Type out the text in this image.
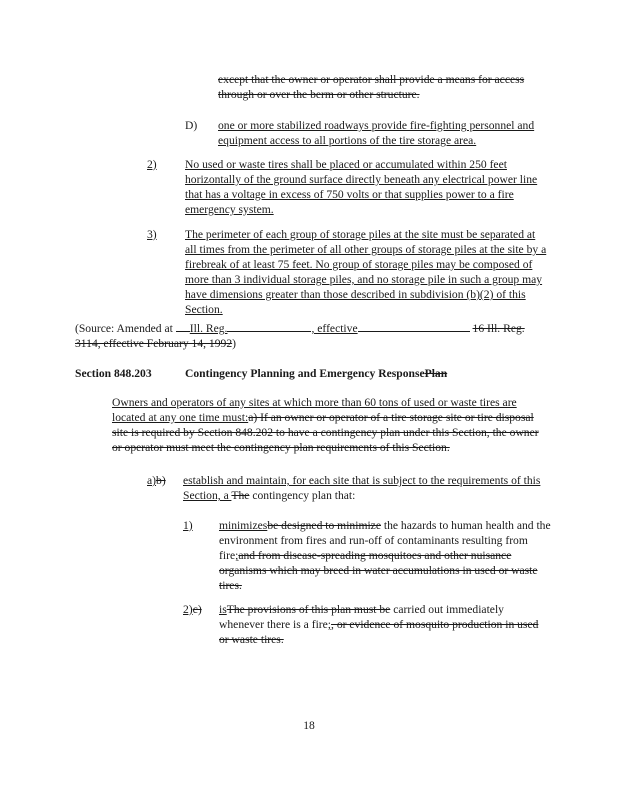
except that the owner or operator shall provide a means for access through or over the berm or other structure.
D) one or more stabilized roadways provide fire-fighting personnel and equipment access to all portions of the tire storage area.
2) No used or waste tires shall be placed or accumulated within 250 feet horizontally of the ground surface directly beneath any electrical power line that has a voltage in excess of 750 volts or that supplies power to a fire emergency system.
3) The perimeter of each group of storage piles at the site must be separated at all times from the perimeter of all other groups of storage piles at the site by a firebreak of at least 75 feet. No group of storage piles may be composed of more than 3 individual storage piles, and no storage pile in such a group may have dimensions greater than those described in subdivision (b)(2) of this Section.
(Source: Amended at Ill. Reg.	, effective	16 Ill. Reg. 3114, effective February 14, 1992)
Section 848.203	Contingency Planning and Emergency ResponsePlan
Owners and operators of any sites at which more than 60 tons of used or waste tires are located at any one time must:a) If an owner or operator of a tire storage site or tire disposal site is required by Section 848.202 to have a contingency plan under this Section, the owner or operator must meet the contingency plan requirements of this Section.
a)b) establish and maintain, for each site that is subject to the requirements of this Section, a The contingency plan that:
1) minimizesbe designed to minimize the hazards to human health and the environment from fires and run-off of contaminants resulting from fire;and from disease-spreading mosquitoes and other nuisance organisms which may breed in water accumulations in used or waste tires.
2)c) isThe provisions of this plan must be carried out immediately whenever there is a fire;, or evidence of mosquito production in used or waste tires.
18
